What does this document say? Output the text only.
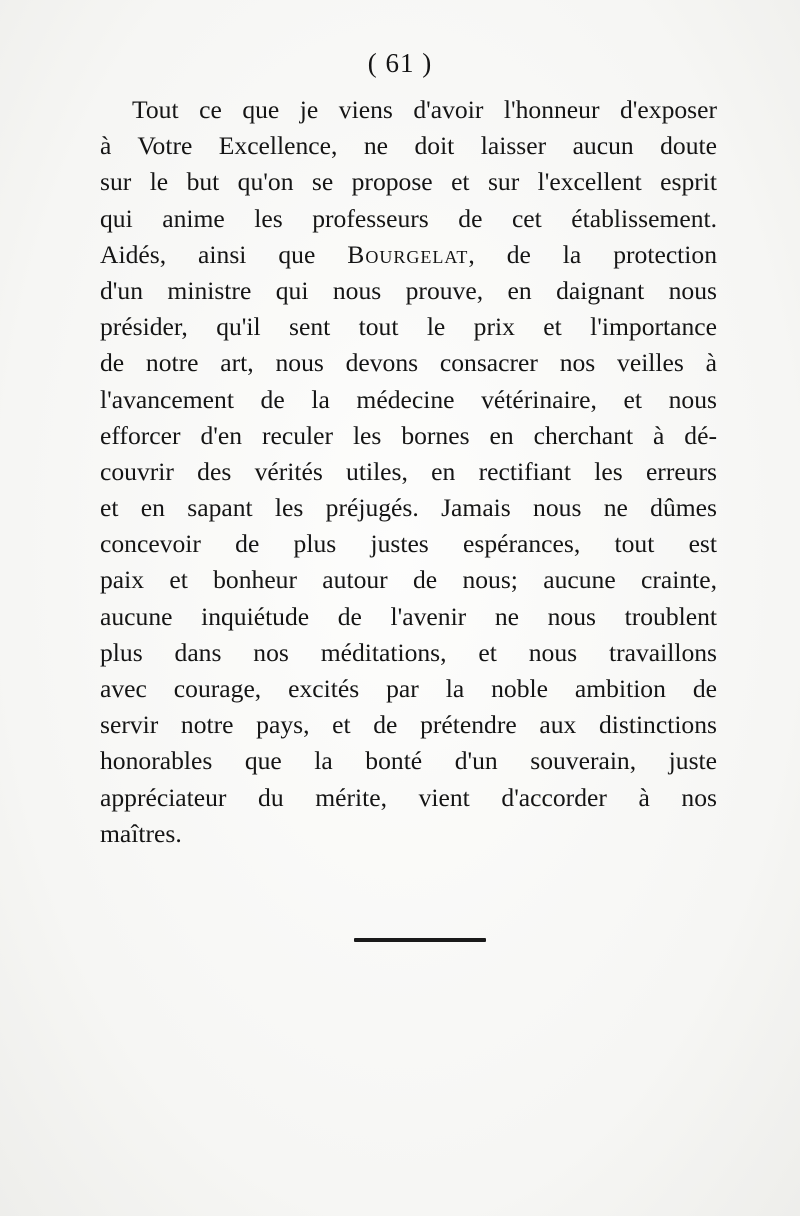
( 61 )
Tout ce que je viens d'avoir l'honneur d'exposer
à Votre Excellence, ne doit laisser aucun doute
sur le but qu'on se propose et sur l'excellent esprit
qui anime les professeurs de cet établissement.
Aidés, ainsi que Bourgelat, de la protection
d'un ministre qui nous prouve, en daignant nous
présider, qu'il sent tout le prix et l'importance
de notre art, nous devons consacrer nos veilles à
l'avancement de la médecine vétérinaire, et nous
efforcer d'en reculer les bornes en cherchant à dé-
couvrir des vérités utiles, en rectifiant les erreurs
et en sapant les préjugés. Jamais nous ne dûmes
concevoir de plus justes espérances, tout est
paix et bonheur autour de nous; aucune crainte,
aucune inquiétude de l'avenir ne nous troublent
plus dans nos méditations, et nous travaillons
avec courage, excités par la noble ambition de
servir notre pays, et de prétendre aux distinctions
honorables que la bonté d'un souverain, juste
appréciateur du mérite, vient d'accorder à nos
maîtres.
